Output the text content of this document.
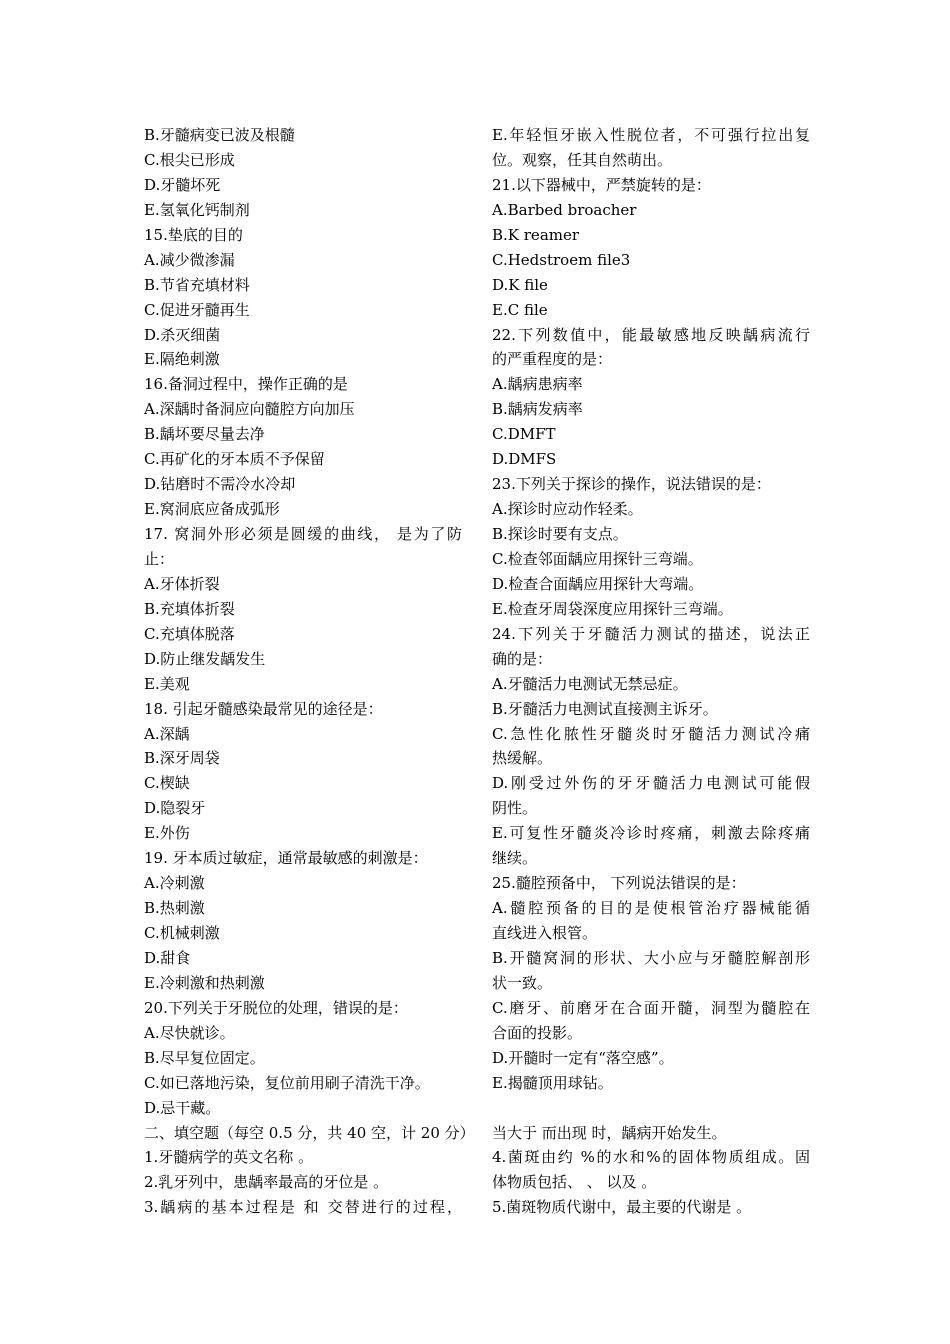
B.牙髓病变已波及根髓
C.根尖已形成
D.牙髓坏死
E.氢氧化钙制剂
15.垫底的目的
A.减少微渗漏
B.节省充填材料
C.促进牙髓再生
D.杀灭细菌
E.隔绝刺激
16.备洞过程中，操作正确的是
A.深龋时备洞应向髓腔方向加压
B.龋坏要尽量去净
C.再矿化的牙本质不予保留
D.钻磨时不需冷水冷却
E.窝洞底应备成弧形
17. 窝洞外形必须是圆缓的曲线， 是为了防
止：
A.牙体折裂
B.充填体折裂
C.充填体脱落
D.防止继发龋发生
E.美观
18. 引起牙髓感染最常见的途径是：
A.深龋
B.深牙周袋
C.楔缺
D.隐裂牙
E.外伤
19. 牙本质过敏症，通常最敏感的刺激是：
A.冷刺激
B.热刺激
C.机械刺激
D.甜食
E.冷刺激和热刺激
20.下列关于牙脱位的处理，错误的是：
A.尽快就诊。
B.尽早复位固定。
C.如已落地污染，复位前用刷子清洗干净。
D.忌干藏。
二、填空题（每空 0.5 分，共 40 空，计 20 分）
1.牙髓病学的英文名称 。
2.乳牙列中，患龋率最高的牙位是 。
3.龋病的基本过程是 和 交替进行的过程，
E.年轻恒牙嵌入性脱位者，不可强行拉出复
位。观察，任其自然萌出。
21.以下器械中，严禁旋转的是：
A.Barbed broacher
B.K reamer
C.Hedstroem file3
D.K file
E.C file
22.下列数值中，能最敏感地反映龋病流行
的严重程度的是：
A.龋病患病率
B.龋病发病率
C.DMFT
D.DMFS
23.下列关于探诊的操作，说法错误的是：
A.探诊时应动作轻柔。
B.探诊时要有支点。
C.检查邻面龋应用探针三弯端。
D.检查合面龋应用探针大弯端。
E.检查牙周袋深度应用探针三弯端。
24.下列关于牙髓活力测试的描述，说法正
确的是：
A.牙髓活力电测试无禁忌症。
B.牙髓活力电测试直接测主诉牙。
C.急性化脓性牙髓炎时牙髓活力测试冷痛
热缓解。
D.刚受过外伤的牙牙髓活力电测试可能假
阴性。
E.可复性牙髓炎冷诊时疼痛，刺激去除疼痛
继续。
25.髓腔预备中， 下列说法错误的是：
A.髓腔预备的目的是使根管治疗器械能循
直线进入根管。
B.开髓窝洞的形状、大小应与牙髓腔解剖形
状一致。
C.磨牙、前磨牙在合面开髓，洞型为髓腔在
合面的投影。
D.开髓时一定有“落空感”。
E.揭髓顶用球钻。
当大于 而出现 时，龋病开始发生。
4.菌斑由约 %的水和%的固体物质组成。固
体物质包括、 、 以及 。
5.菌斑物质代谢中，最主要的代谢是 。
